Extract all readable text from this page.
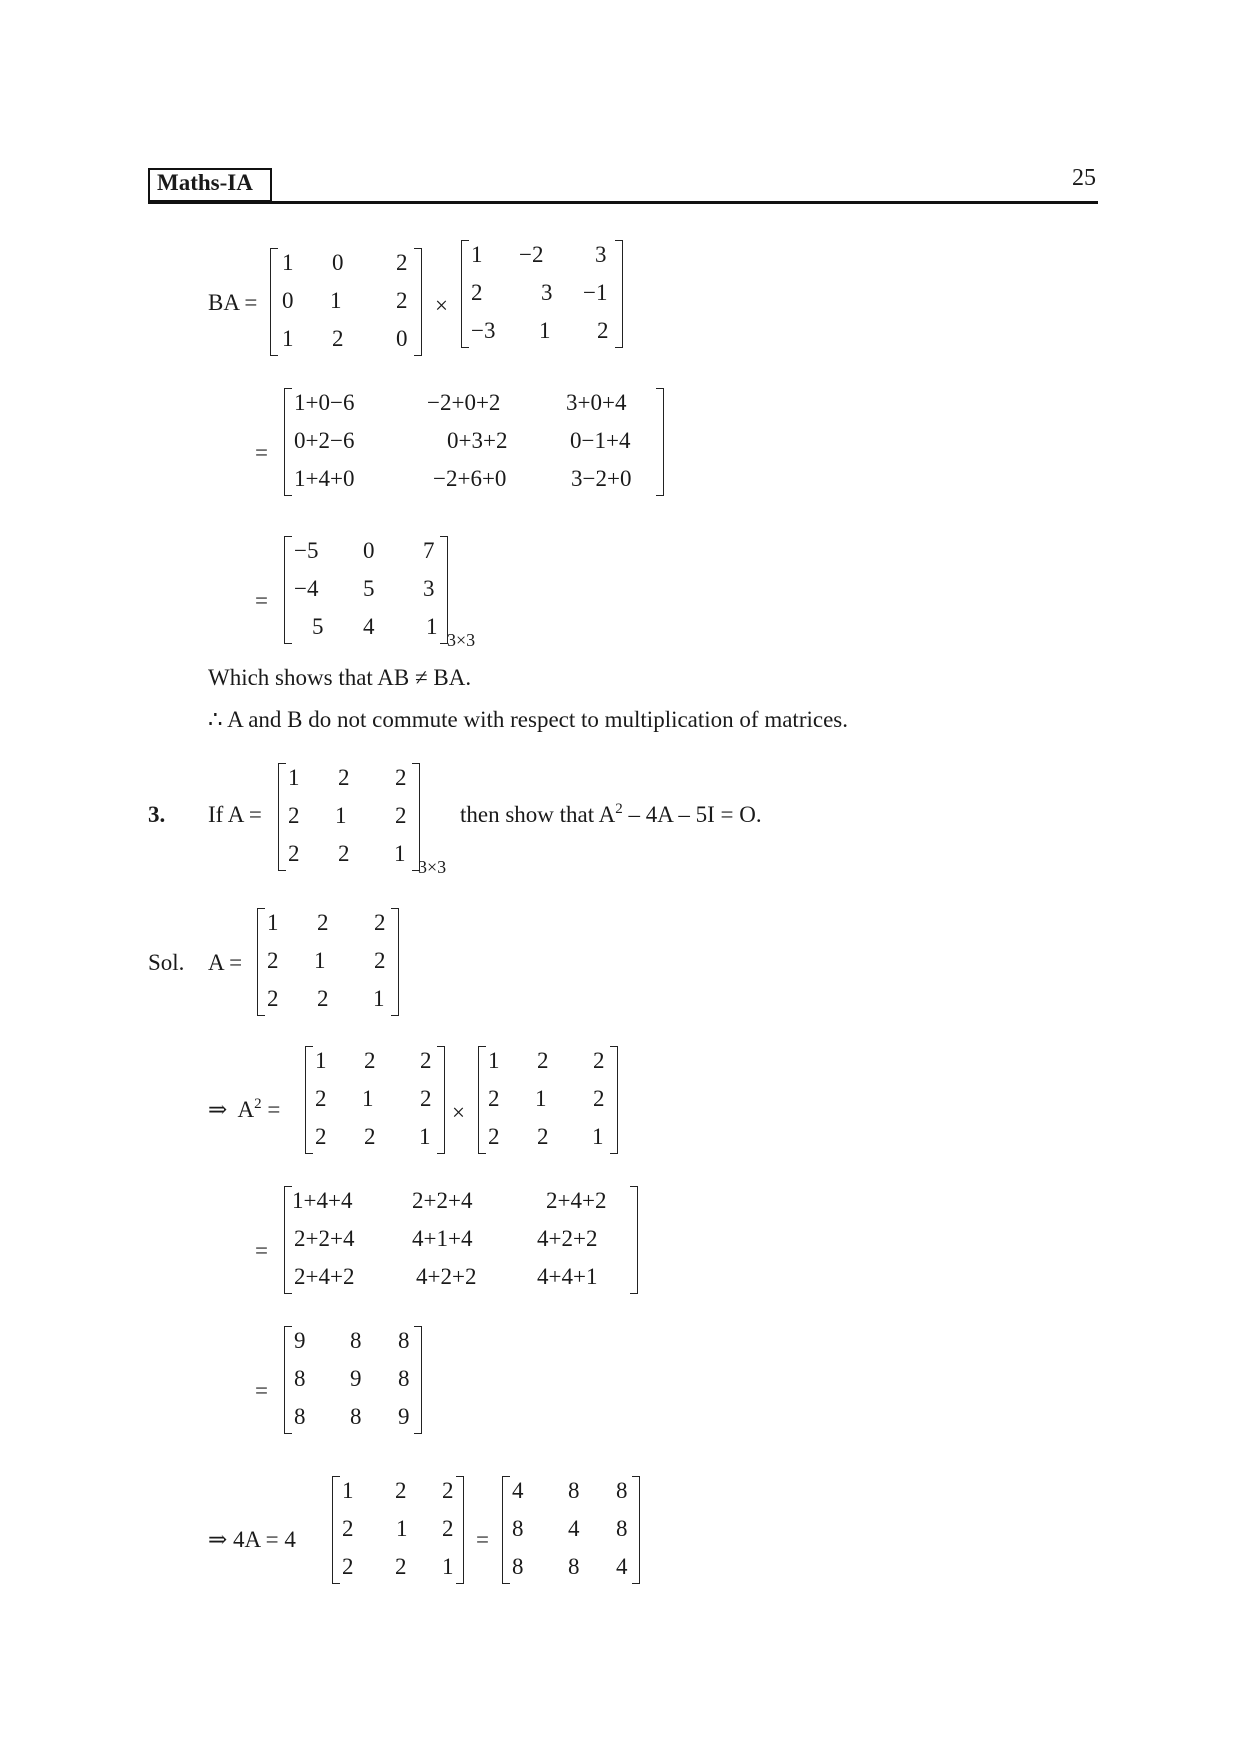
Maths-IA	25
BA =
1 0 2
0 1 2
1 2 0
×
1 −2 3
2	3 −1
−3 1 2
=
1+0−6	−2+0+2	3+0+4
0+2−6	0+3+2	0−1+4
1+4+0	−2+6+0	3−2+0
=
−5 0 7
−4 5 3
5 4 1
3×3
Which shows that AB ≠ BA.
∴ A and B do not commute with respect to multiplication of matrices.
3. If A =
1 2 2
2 1 2
2 2 1
3×3
then show that $A^2 - 4A - 5I = O$.
Sol. A =
1 2 2
2 1 2
2 2 1
⇒ $A^2$ =
1 2 2
2 1 2
2 2 1
×
1 2 2
2 1 2
2 2 1
=
1+4+4	2+2+4	2+4+2
2+2+4	4+1+4	4+2+2
2+4+2	4+2+2	4+4+1
=
9 8 8
8 9 8
8 8 9
⇒ 4A = 4
1 2 2
2 1 2
2 2 1
=
4 8 8
8 4 8
8 8 4
